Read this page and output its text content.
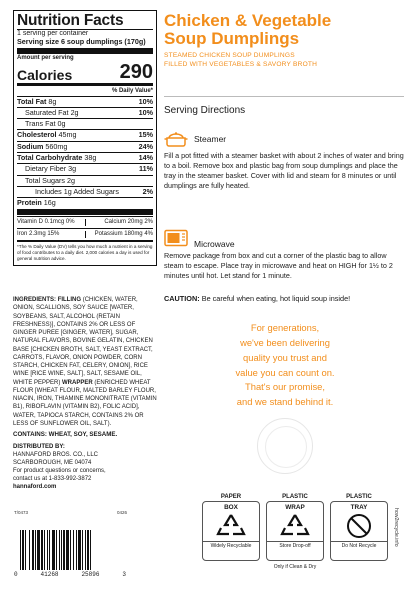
Nutrition Facts
1 serving per container
Serving size 6 soup dumplings (170g)
Amount per serving
Calories 290
% Daily Value*
Total Fat 8g	10%
Saturated Fat 2g	10%
Trans Fat 0g
Cholesterol 45mg	15%
Sodium 560mg	24%
Total Carbohydrate 38g	14%
Dietary Fiber 3g	11%
Total Sugars 2g
Includes 1g Added Sugars	2%
Protein 16g
Vitamin D 0.1mcg 0%	Calcium 20mg 2%
Iron 2.3mg 15%	Potassium 180mg 4%
*The % Daily Value (DV) tells you how much a nutrient in a serving of food contributes to a daily diet. 2,000 calories a day is used for general nutrition advice.
INGREDIENTS: FILLING (CHICKEN, WATER, ONION, SCALLIONS, SOY SAUCE [WATER, SOYBEANS, SALT, ALCOHOL (RETAIN FRESHNESS)], CONTAINS 2% OR LESS OF GINGER PUREE [GINGER, WATER], SUGAR, NATURAL FLAVORS, BOVINE GELATIN, CHICKEN BASE [CHICKEN BROTH, SALT, YEAST EXTRACT, CARROTS, FLAVOR, ONION POWDER, CORN STARCH, CHICKEN FAT, CELERY, ONION], RICE WINE [RICE WINE, SALT], SALT, SESAME OIL, WHITE PEPPER) WRAPPER (ENRICHED WHEAT FLOUR [WHEAT FLOUR, MALTED BARLEY FLOUR, NIACIN, IRON, THIAMINE MONONITRATE (VITAMIN B1), RIBOFLAVIN (VITAMIN B2), FOLIC ACID], WATER, TAPIOCA STARCH, CONTAINS 2% OR LESS OF SUNFLOWER OIL, SALT).
CONTAINS: WHEAT, SOY, SESAME.
DISTRIBUTED BY:
HANNAFORD BROS. CO., LLC
SCARBOROUGH, ME 04074
For product questions or concerns,
contact us at 1-833-992-3872
hannaford.com
T/0473	0426
0	41268	25896	3
Chicken & Vegetable
Soup Dumplings
STEAMED CHICKEN SOUP DUMPLINGS
FILLED WITH VEGETABLES & SAVORY BROTH
Serving Directions
Steamer
Fill a pot fitted with a steamer basket with about 2 inches of water and bring to a boil. Remove box and plastic bag from soup dumplings and place the tray in the steamer basket. Cover with lid and steam for 8 minutes or until dumplings are fully heated.
Microwave
Remove package from box and cut a corner of the plastic bag to allow steam to escape. Place tray in microwave and heat on HIGH for 1½ to 2 minutes until hot. Let stand for 1 minute.
CAUTION: Be careful when eating, hot liquid soup inside!
For generations,
we've been delivering
quality you trust and
value you can count on.
That's our promise,
and we stand behind it.
PAPER
BOX
Widely Recyclable
PLASTIC
WRAP
Store Drop-off
Only if Clean & Dry
PLASTIC
TRAY
Do Not Recycle	how2recycle.info
